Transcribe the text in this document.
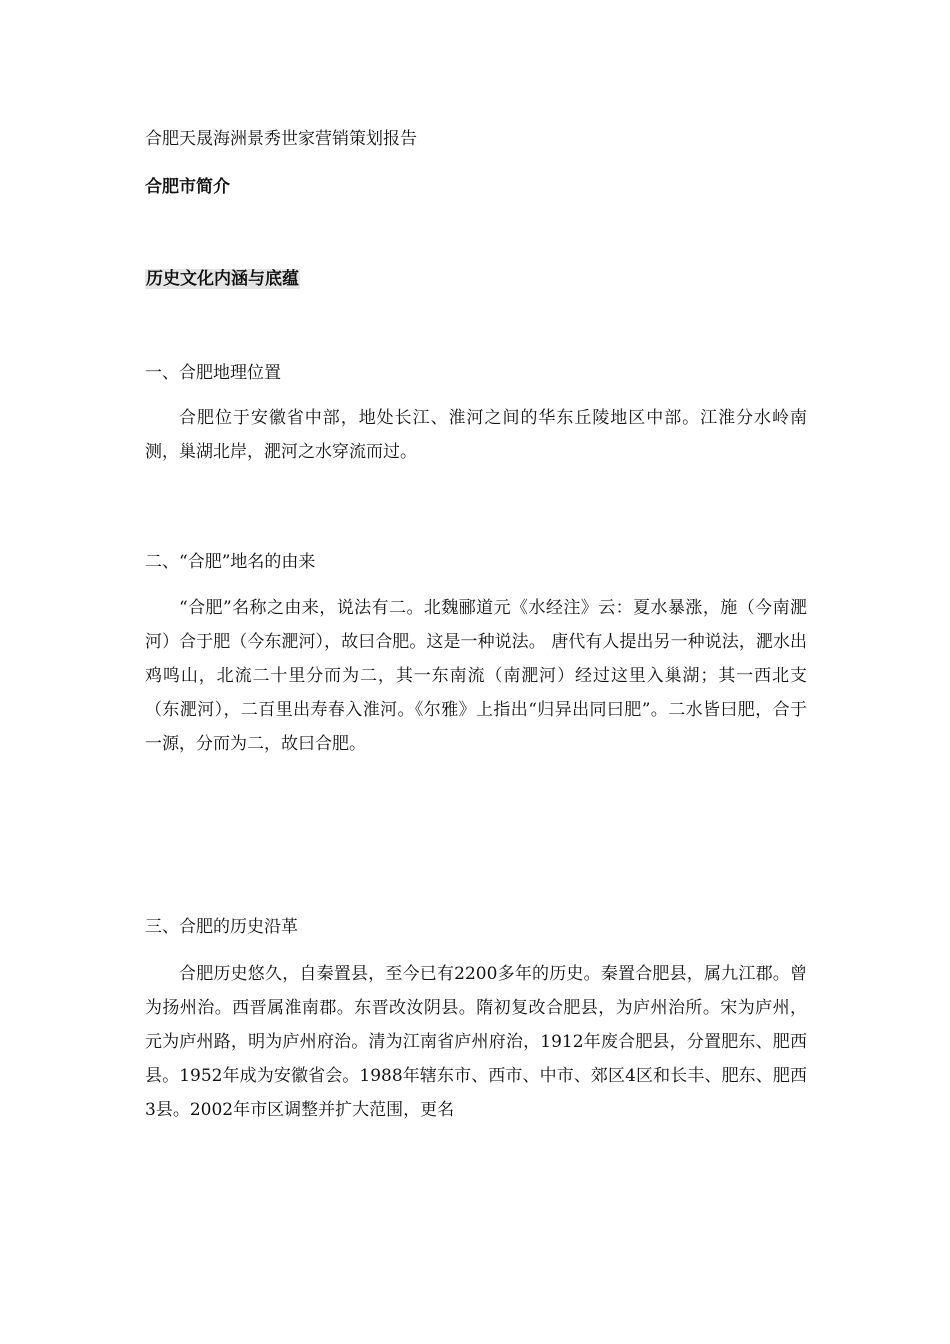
合肥天晟海洲景秀世家营销策划报告
合肥市简介
历史文化内涵与底蕴
一、合肥地理位置

合肥位于安徽省中部，地处长江、淮河之间的华东丘陵地区中部。江淮分水岭南测，巢湖北岸，淝河之水穿流而过。

二、“合肥”地名的由来

“合肥”名称之由来，说法有二。北魏郦道元《水经注》云：夏水暴涨，施（今南淝河）合于肥（今东淝河），故曰合肥。这是一种说法。 唐代有人提出另一种说法，淝水出鸡鸣山，北流二十里分而为二，其一东南流（南淝河）经过这里入巢湖；其一西北支（东淝河），二百里出寿春入淮河。《尔雅》上指出“归异出同曰肥”。二水皆曰肥，合于一源，分而为二，故曰合肥。

三、合肥的历史沿革

合肥历史悠久，自秦置县，至今已有2200多年的历史。秦置合肥县，属九江郡。曾为扬州治。西晋属淮南郡。东晋改汝阴县。隋初复改合肥县，为庐州治所。宋为庐州，元为庐州路，明为庐州府治。清为江南省庐州府治，1912年废合肥县，分置肥东、肥西县。1952年成为安徽省会。1988年辖东市、西市、中市、郊区4区和长丰、肥东、肥西3县。2002年市区调整并扩大范围，更名
